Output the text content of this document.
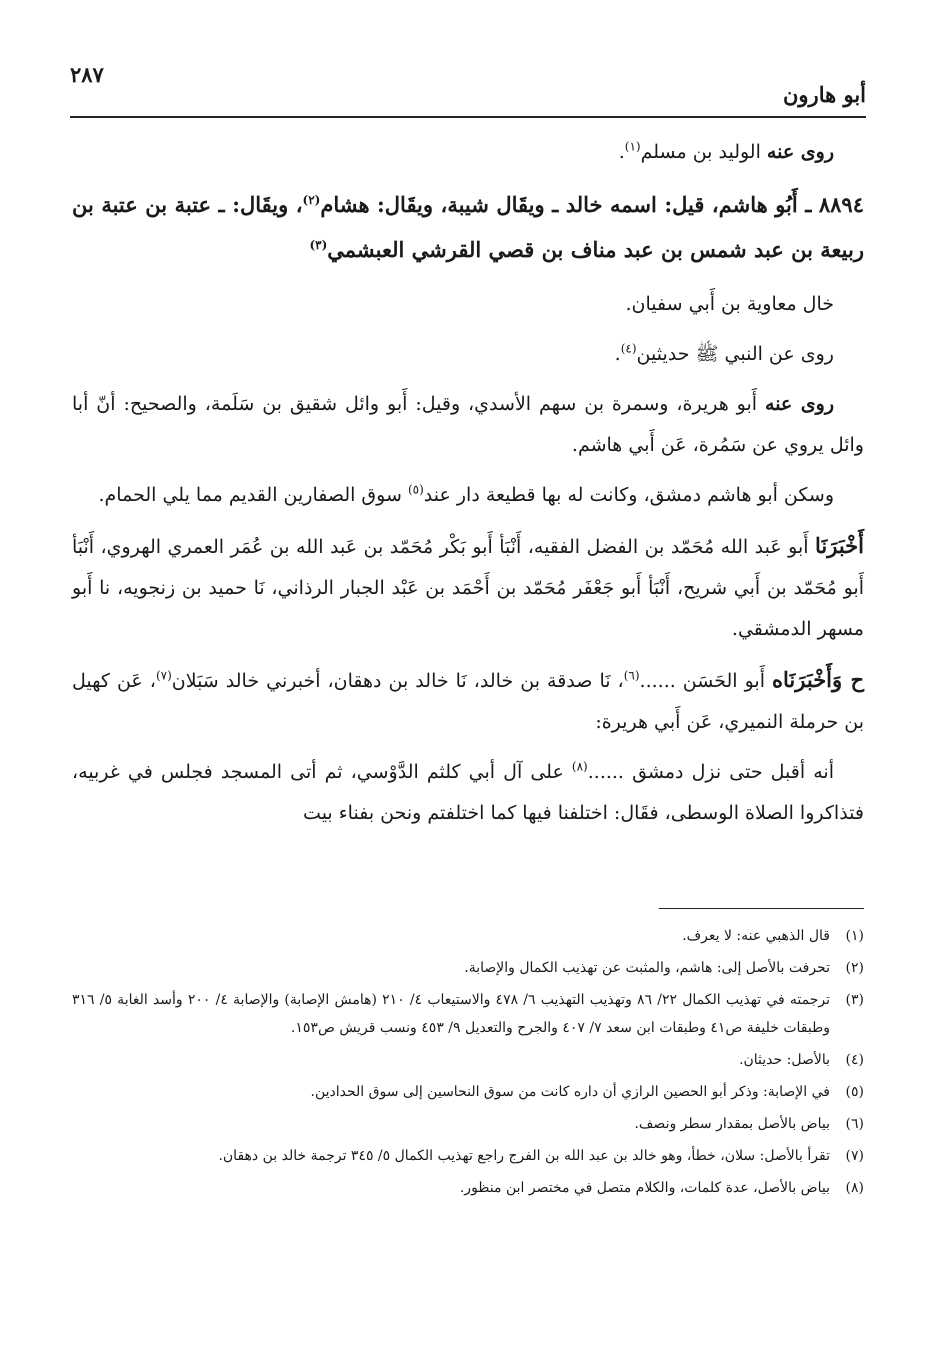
أبو هارون
٢٨٧

روى عنه الوليد بن مسلم$^{(١)}$.

٨٨٩٤ ـ أَبُو هاشم، قيل: اسمه خالد ـ ويقَال شيبة، ويقَال: هشام$^{(٢)}$، ويقَال: ـ عتبة بن عتبة بن ربيعة بن عبد شمس بن عبد مناف بن قصي القرشي العبشمي$^{(٣)}$

خال معاوية بن أَبي سفيان.

روى عن النبي ﷺ حديثين$^{(٤)}$.

روى عنه أَبو هريرة، وسمرة بن سهم الأسدي، وقيل: أَبو وائل شقيق بن سَلَمة، والصحيح: أنّ أبا وائل يروي عن سَمُرة، عَن أَبي هاشم.

وسكن أبو هاشم دمشق، وكانت له بها قطيعة دار عند$^{(٥)}$ سوق الصفارين القديم مما يلي الحمام.

أَخْبَرَنَا أَبو عَبد الله مُحَمّد بن الفضل الفقيه، أَنْبَأ أَبو بَكْر مُحَمّد بن عَبد الله بن عُمَر العمري الهروي، أَنْبَأ أَبو مُحَمّد بن أَبي شريح، أَنْبَأ أَبو جَعْفَر مُحَمّد بن أَحْمَد بن عَبْد الجبار الرذاني، نَا حميد بن زنجويه، نا أَبو مسهر الدمشقي.

ح وَأَخْبَرَنَاه أَبو الحَسَن ......$^{(٦)}$، نَا صدقة بن خالد، نَا خالد بن دهقان، أخبرني خالد سَبَلان$^{(٧)}$، عَن كهيل بن حرملة النميري، عَن أَبي هريرة:

أنه أقبل حتى نزل دمشق ......$^{(٨)}$ على آل أبي كلثم الدَّوْسي، ثم أتى المسجد فجلس في غربيه، فتذاكروا الصلاة الوسطى، فقَال: اختلفنا فيها كما اختلفتم ونحن بفناء بيت

(١)
قال الذهبي عنه: لا يعرف.
(٢)
تحرفت بالأصل إلى: هاشم، والمثبت عن تهذيب الكمال والإصابة.
(٣)
ترجمته في تهذيب الكمال ٢٢/ ٨٦ وتهذيب التهذيب ٦/ ٤٧٨ والاستيعاب ٤/ ٢١٠ (هامش الإصابة) والإصابة ٤/ ٢٠٠ وأسد الغابة ٥/ ٣١٦ وطبقات خليفة ص٤١ وطبقات ابن سعد ٧/ ٤٠٧ والجرح والتعديل ٩/ ٤٥٣ ونسب قريش ص١٥٣.
(٤)
بالأصل: حديثان.
(٥)
في الإصابة: وذكر أبو الحصين الرازي أن داره كانت من سوق النحاسين إلى سوق الحدادين.
(٦)
بياض بالأصل بمقدار سطر ونصف.
(٧)
تقرأ بالأصل: سلان، خطأ، وهو خالد بن عبد الله بن الفرج راجع تهذيب الكمال ٥/ ٣٤٥ ترجمة خالد بن دهقان.
(٨)
بياض بالأصل، عدة كلمات، والكلام متصل في مختصر ابن منظور.
